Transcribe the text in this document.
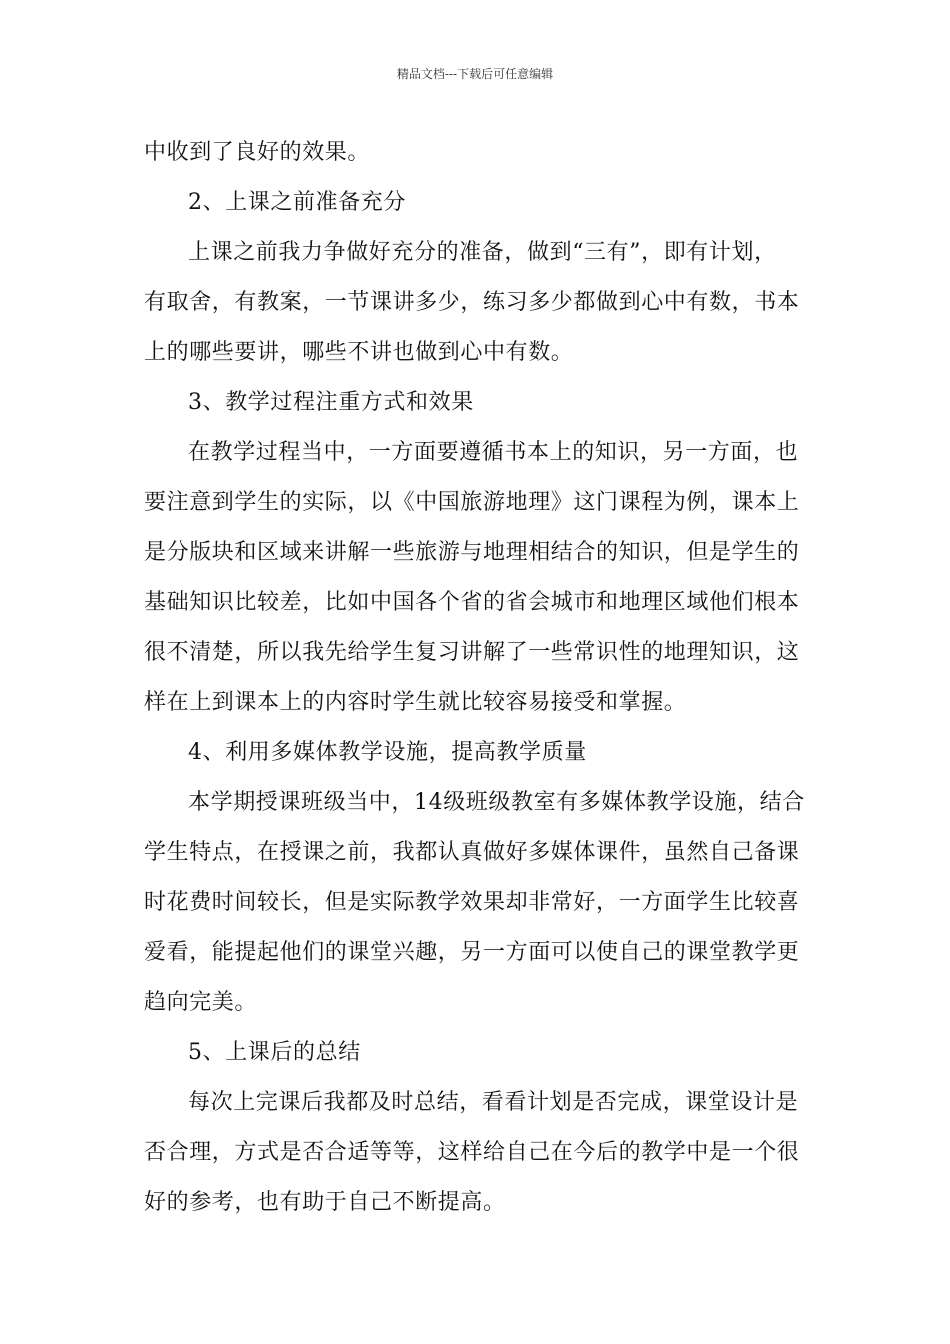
精品文档---下载后可任意编辑
中收到了良好的效果。
2、上课之前准备充分
上课之前我力争做好充分的准备，做到“三有”，即有计划，
有取舍，有教案，一节课讲多少，练习多少都做到心中有数，书本
上的哪些要讲，哪些不讲也做到心中有数。
3、教学过程注重方式和效果
在教学过程当中，一方面要遵循书本上的知识，另一方面，也
要注意到学生的实际，以《中国旅游地理》这门课程为例，课本上
是分版块和区域来讲解一些旅游与地理相结合的知识，但是学生的
基础知识比较差，比如中国各个省的省会城市和地理区域他们根本
很不清楚，所以我先给学生复习讲解了一些常识性的地理知识，这
样在上到课本上的内容时学生就比较容易接受和掌握。
4、利用多媒体教学设施，提高教学质量
本学期授课班级当中，14级班级教室有多媒体教学设施，结合
学生特点，在授课之前，我都认真做好多媒体课件，虽然自己备课
时花费时间较长，但是实际教学效果却非常好，一方面学生比较喜
爱看，能提起他们的课堂兴趣，另一方面可以使自己的课堂教学更
趋向完美。
5、上课后的总结
每次上完课后我都及时总结，看看计划是否完成，课堂设计是
否合理，方式是否合适等等，这样给自己在今后的教学中是一个很
好的参考，也有助于自己不断提高。
